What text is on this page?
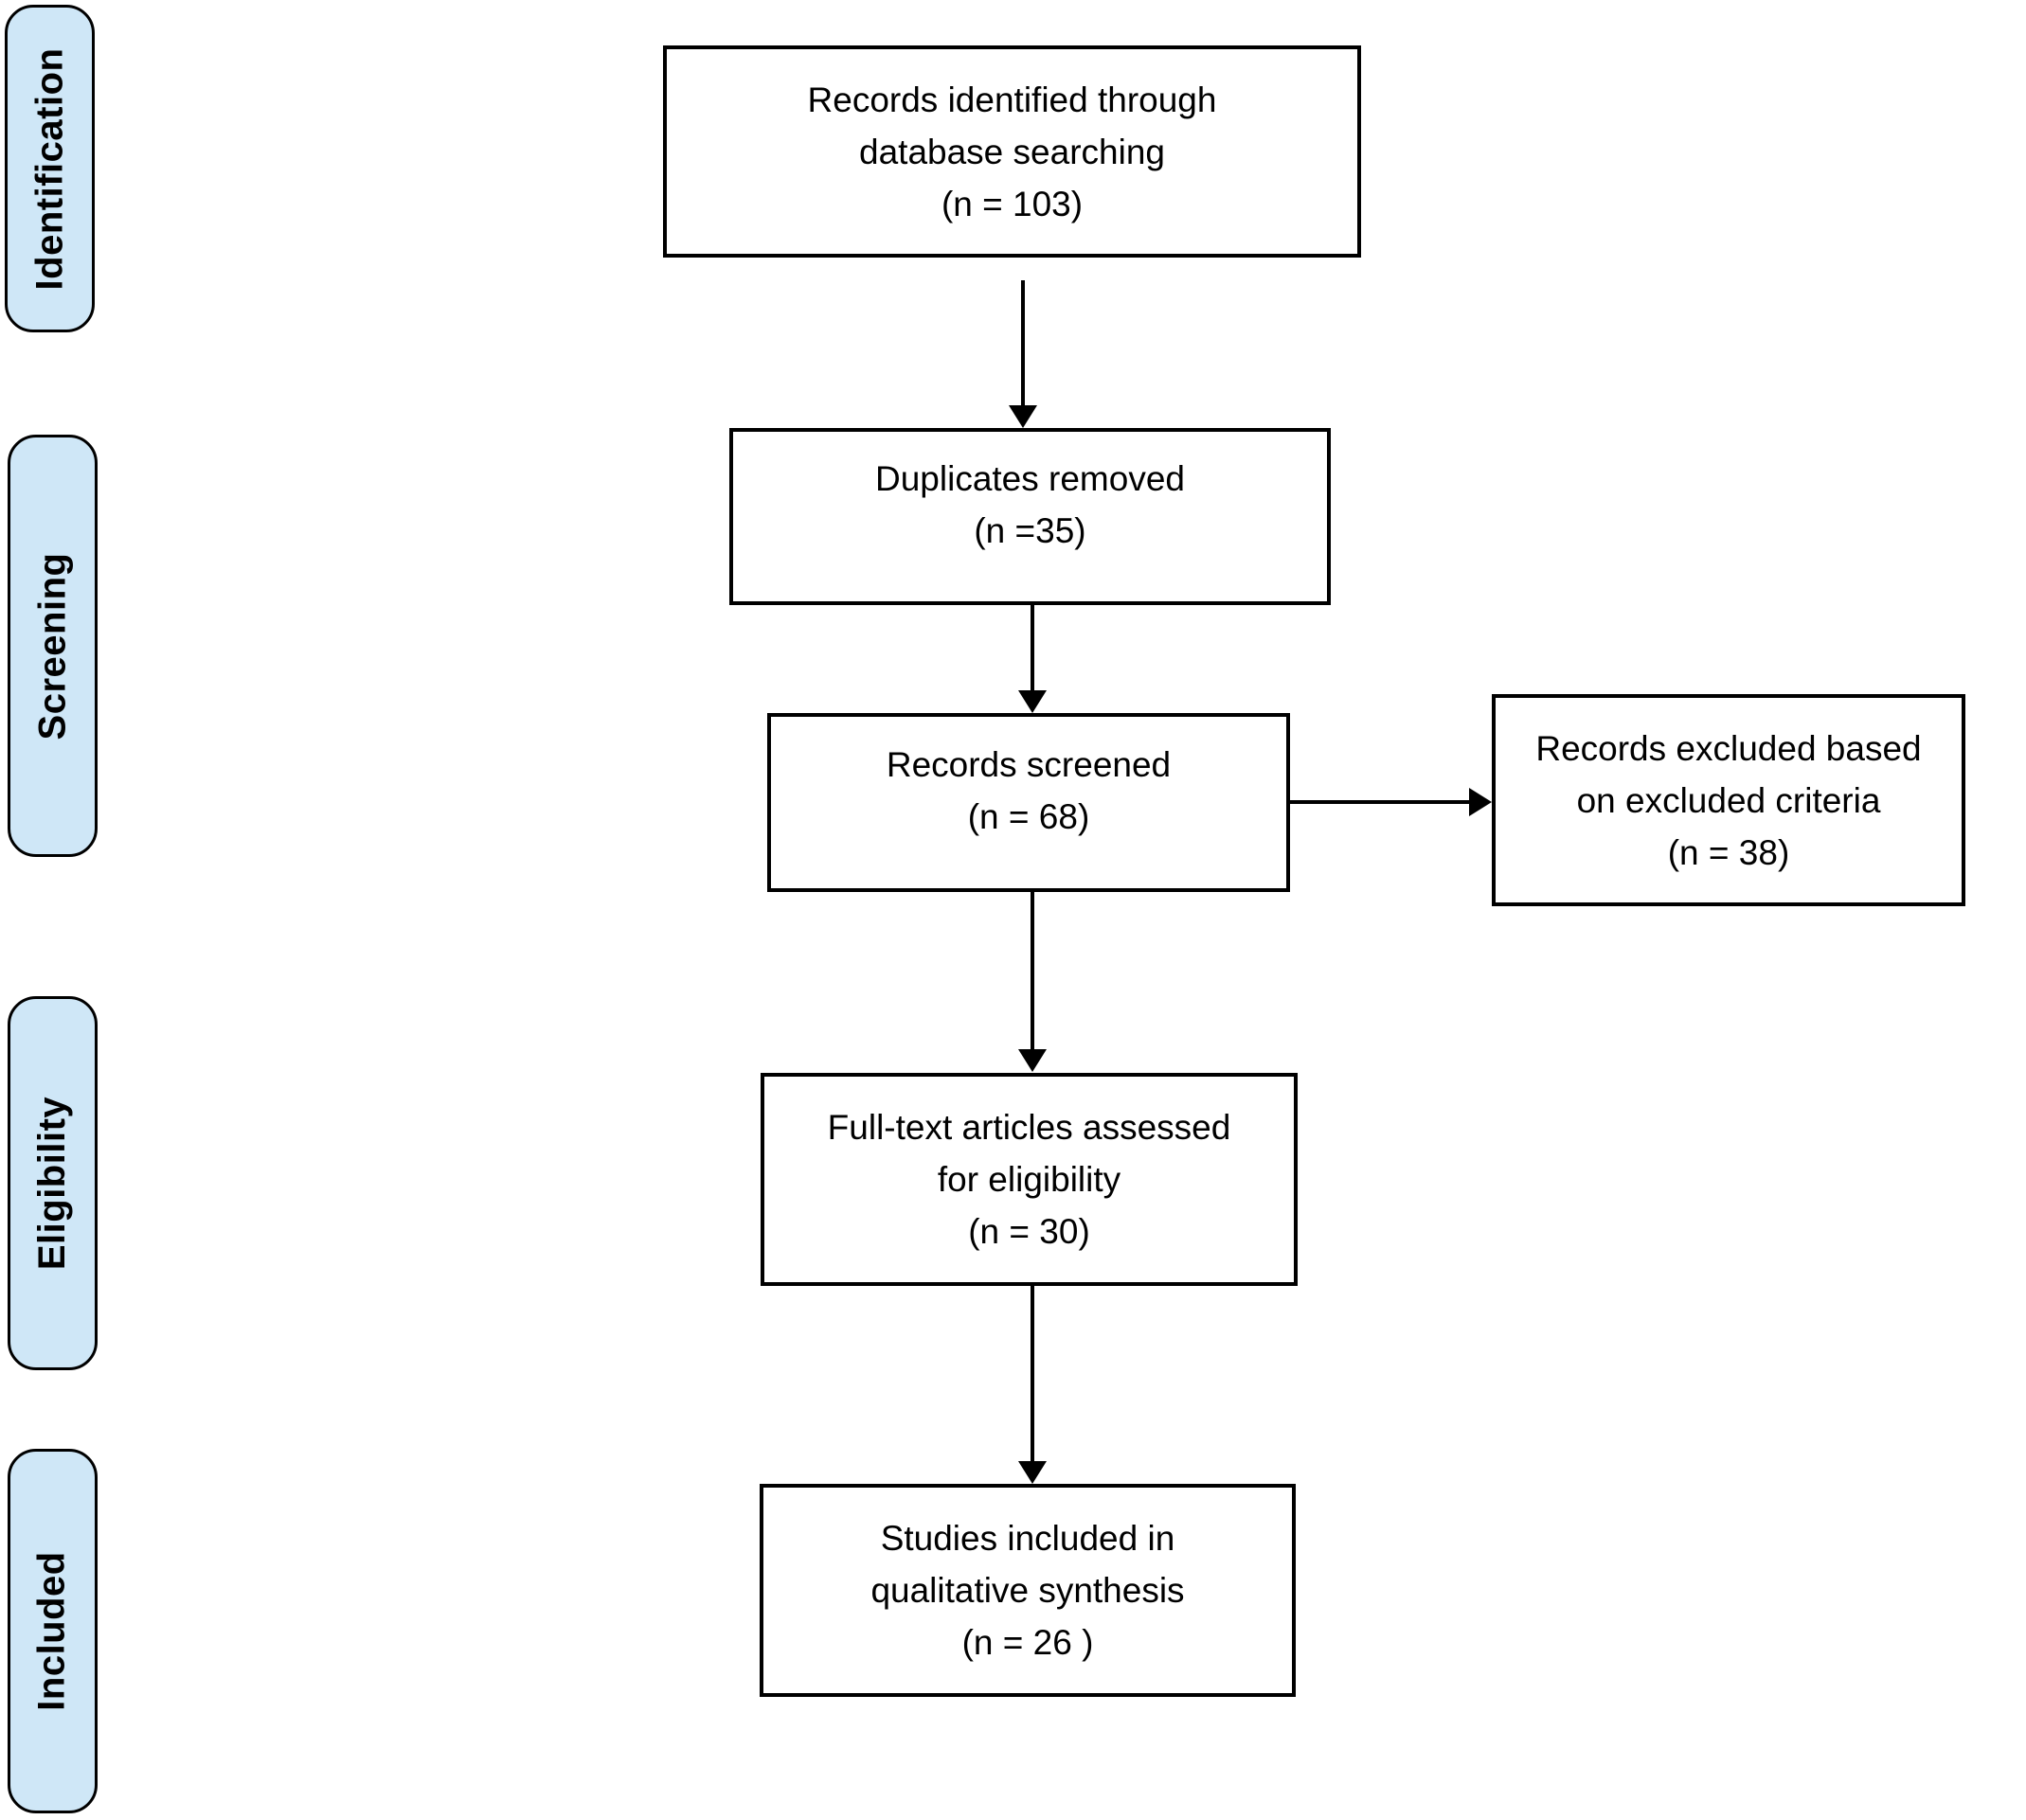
Identification
Screening
Eligibility
Included
Records identified through
database searching
(n = 103)
Duplicates removed
(n =35)
Records screened
(n = 68)
Records excluded based
on excluded criteria
(n = 38)
Full-text articles assessed
for eligibility
(n = 30)
Studies included in
qualitative synthesis
(n = 26 )
